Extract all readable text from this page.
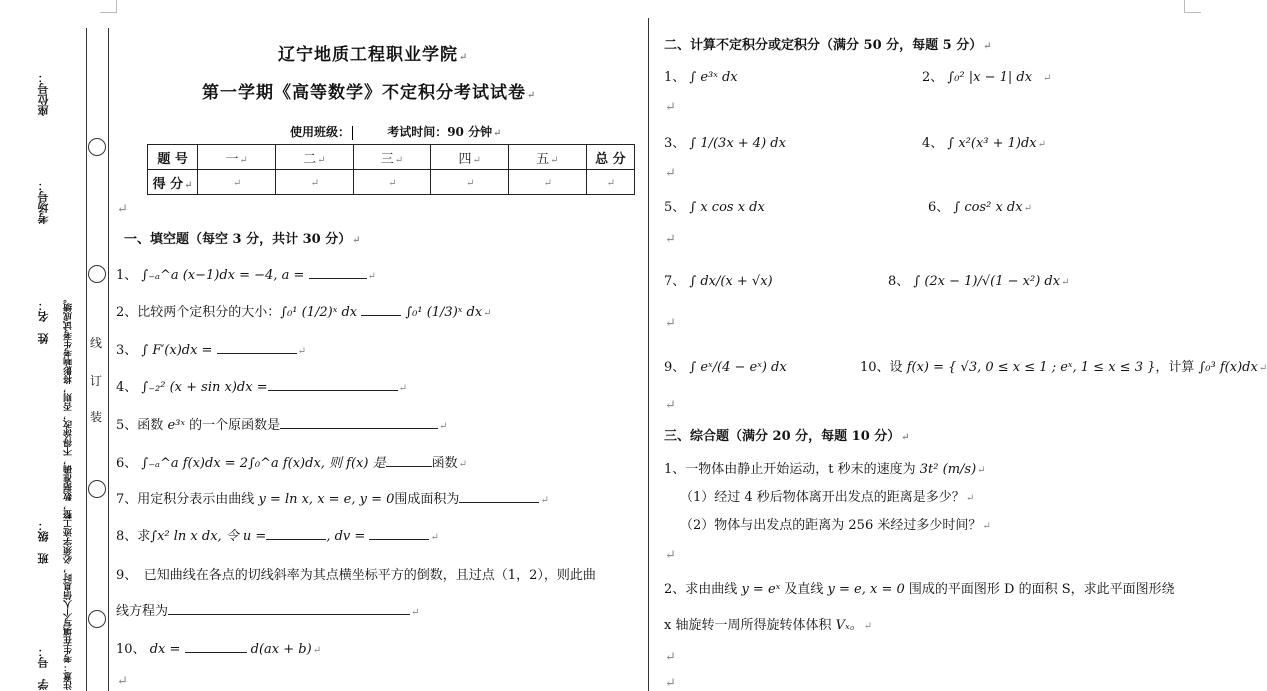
座位号：
考场号：
姓　名：
班　级：
学　号： 注意：考生在填写个人信息时，必须字迹工整，数据准确，不得涂改，否则，将影响考生考试成绩。 装
订
线
辽宁地质工程职业学院↵
第一学期《高等数学》不定积分考试试卷↵
使用班级：	考试时间：90 分钟↵
题 号	一↵	二↵	三↵	四↵	五↵	总 分
得 分↵	↵	↵	↵	↵	↵	↵
↵
一、填空题（每空 3 分，共计 30 分）↵
1、 ∫₋ₐ^a (x−1)dx = −4, a =	↵
2、比较两个定积分的大小：∫₀¹ (1/2)ˣ dx	∫₀¹ (1/3)ˣ dx↵
3、 ∫ F′(x)dx =	↵
4、 ∫₋₂² (x + sin x)dx =	↵
5、函数 e³ˣ 的一个原函数是	↵
6、 ∫₋ₐ^a f(x)dx = 2∫₀^a f(x)dx, 则 f(x) 是	函数↵
7、用定积分表示由曲线 y = ln x, x = e, y = 0围成面积为	↵
8、求∫x² ln x dx, 令 u =	, dv =	↵
9、　 已知曲线在各点的切线斜率为其点横坐标平方的倒数，且过点（1，2），则此曲
线方程为	↵
10、 dx =	d(ax + b)↵
↵
二、计算不定积分或定积分（满分 50 分，每题 5 分）↵
1、 ∫ e³ˣ dx	2、 ∫₀² |x − 1| dx　↵
↵
3、 ∫ 1/(3x + 4) dx	4、 ∫ x²(x³ + 1)dx↵
↵
5、 ∫ x cos x dx	6、 ∫ cos² x dx↵
↵
7、 ∫ dx/(x + √x)	8、 ∫ (2x − 1)/√(1 − x²) dx↵
↵
9、 ∫ eˣ/(4 − eˣ) dx	10、设 f(x) = { √3, 0 ≤ x ≤ 1 ; eˣ, 1 ≤ x ≤ 3 }，计算 ∫₀³ f(x)dx↵
↵
三、综合题（满分 20 分，每题 10 分）↵
1、一物体由静止开始运动，t 秒末的速度为 3t² (m/s)↵
（1）经过 4 秒后物体离开出发点的距离是多少？↵
（2）物体与出发点的距离为 256 米经过多少时间？↵
↵
2、求由曲线 y = eˣ 及直线 y = e, x = 0 围成的平面图形 D 的面积 S，求此平面图形绕
x 轴旋转一周所得旋转体体积 Vₓ。↵
↵
↵
